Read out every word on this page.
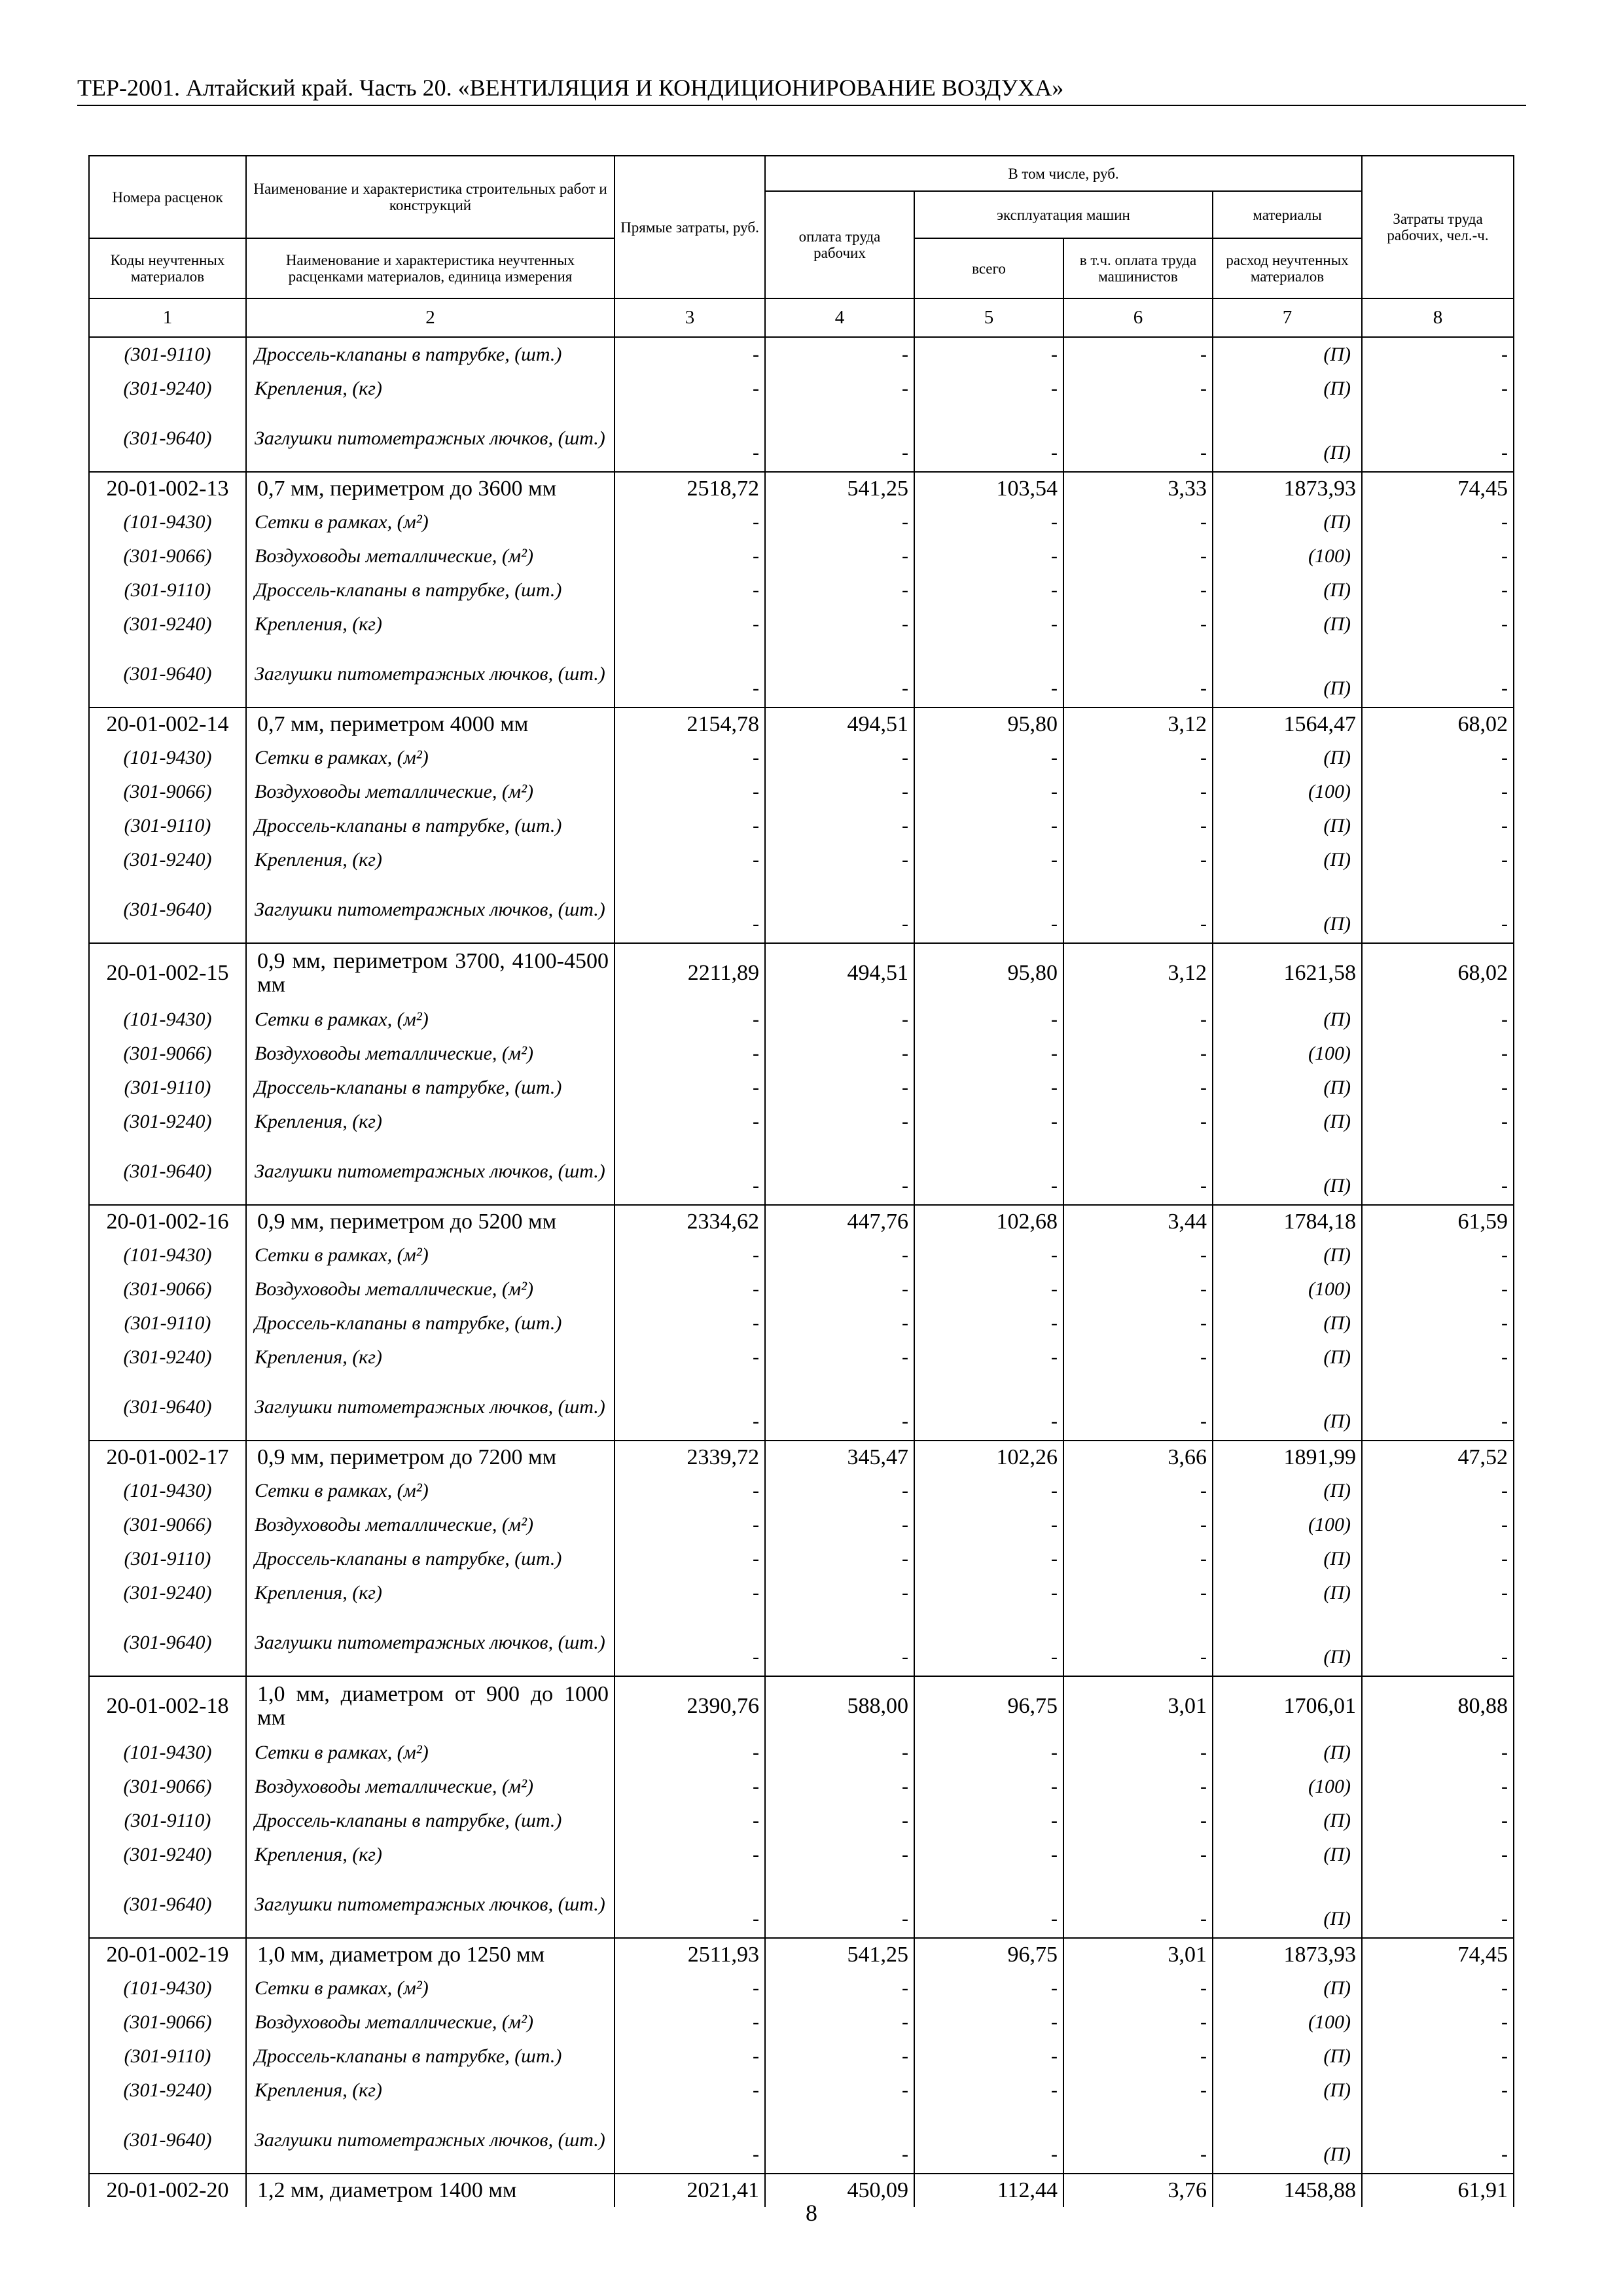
ТЕР-2001. Алтайский край. Часть 20. «ВЕНТИЛЯЦИЯ И КОНДИЦИОНИРОВАНИЕ ВОЗДУХА»
Номера расценок	Наименование и характеристика строительных работ и конструкций	Прямые затраты, руб.	В том числе, руб.				Затраты труда рабочих, чел.-ч.
			оплата труда рабочих	эксплуатация машин		материалы	
Коды неучтенных материалов	Наименование и характеристика неучтенных расценками материалов, единица измерения			всего	в т.ч. оплата труда машинистов	расход неучтенных материалов	
1	2	3	4	5	6	7	8
(301-9110)	Дроссель-клапаны в патрубке, (шт.)	-	-	-	-	(П)	-
(301-9240)	Крепления, (кг)	-	-	-	-	(П)	-
(301-9640)	Заглушки питометражных лючков, (шт.)	-	-	-	-	(П)	-
20-01-002-13	0,7 мм, периметром до 3600 мм	2518,72	541,25	103,54	3,33	1873,93	74,45
(101-9430)	Сетки в рамках, (м²)	-	-	-	-	(П)	-
(301-9066)	Воздуховоды металлические, (м²)	-	-	-	-	(100)	-
(301-9110)	Дроссель-клапаны в патрубке, (шт.)	-	-	-	-	(П)	-
(301-9240)	Крепления, (кг)	-	-	-	-	(П)	-
(301-9640)	Заглушки питометражных лючков, (шт.)	-	-	-	-	(П)	-
20-01-002-14	0,7 мм, периметром 4000 мм	2154,78	494,51	95,80	3,12	1564,47	68,02
(101-9430)	Сетки в рамках, (м²)	-	-	-	-	(П)	-
(301-9066)	Воздуховоды металлические, (м²)	-	-	-	-	(100)	-
(301-9110)	Дроссель-клапаны в патрубке, (шт.)	-	-	-	-	(П)	-
(301-9240)	Крепления, (кг)	-	-	-	-	(П)	-
(301-9640)	Заглушки питометражных лючков, (шт.)	-	-	-	-	(П)	-
20-01-002-15	0,9 мм, периметром 3700, 4100-4500 мм	2211,89	494,51	95,80	3,12	1621,58	68,02
(101-9430)	Сетки в рамках, (м²)	-	-	-	-	(П)	-
(301-9066)	Воздуховоды металлические, (м²)	-	-	-	-	(100)	-
(301-9110)	Дроссель-клапаны в патрубке, (шт.)	-	-	-	-	(П)	-
(301-9240)	Крепления, (кг)	-	-	-	-	(П)	-
(301-9640)	Заглушки питометражных лючков, (шт.)	-	-	-	-	(П)	-
20-01-002-16	0,9 мм, периметром до 5200 мм	2334,62	447,76	102,68	3,44	1784,18	61,59
(101-9430)	Сетки в рамках, (м²)	-	-	-	-	(П)	-
(301-9066)	Воздуховоды металлические, (м²)	-	-	-	-	(100)	-
(301-9110)	Дроссель-клапаны в патрубке, (шт.)	-	-	-	-	(П)	-
(301-9240)	Крепления, (кг)	-	-	-	-	(П)	-
(301-9640)	Заглушки питометражных лючков, (шт.)	-	-	-	-	(П)	-
20-01-002-17	0,9 мм, периметром до 7200 мм	2339,72	345,47	102,26	3,66	1891,99	47,52
(101-9430)	Сетки в рамках, (м²)	-	-	-	-	(П)	-
(301-9066)	Воздуховоды металлические, (м²)	-	-	-	-	(100)	-
(301-9110)	Дроссель-клапаны в патрубке, (шт.)	-	-	-	-	(П)	-
(301-9240)	Крепления, (кг)	-	-	-	-	(П)	-
(301-9640)	Заглушки питометражных лючков, (шт.)	-	-	-	-	(П)	-
20-01-002-18	1,0 мм, диаметром от 900 до 1000 мм	2390,76	588,00	96,75	3,01	1706,01	80,88
(101-9430)	Сетки в рамках, (м²)	-	-	-	-	(П)	-
(301-9066)	Воздуховоды металлические, (м²)	-	-	-	-	(100)	-
(301-9110)	Дроссель-клапаны в патрубке, (шт.)	-	-	-	-	(П)	-
(301-9240)	Крепления, (кг)	-	-	-	-	(П)	-
(301-9640)	Заглушки питометражных лючков, (шт.)	-	-	-	-	(П)	-
20-01-002-19	1,0 мм, диаметром до 1250 мм	2511,93	541,25	96,75	3,01	1873,93	74,45
(101-9430)	Сетки в рамках, (м²)	-	-	-	-	(П)	-
(301-9066)	Воздуховоды металлические, (м²)	-	-	-	-	(100)	-
(301-9110)	Дроссель-клапаны в патрубке, (шт.)	-	-	-	-	(П)	-
(301-9240)	Крепления, (кг)	-	-	-	-	(П)	-
(301-9640)	Заглушки питометражных лючков, (шт.)	-	-	-	-	(П)	-
20-01-002-20	1,2 мм, диаметром 1400 мм	2021,41	450,09	112,44	3,76	1458,88	61,91
8
